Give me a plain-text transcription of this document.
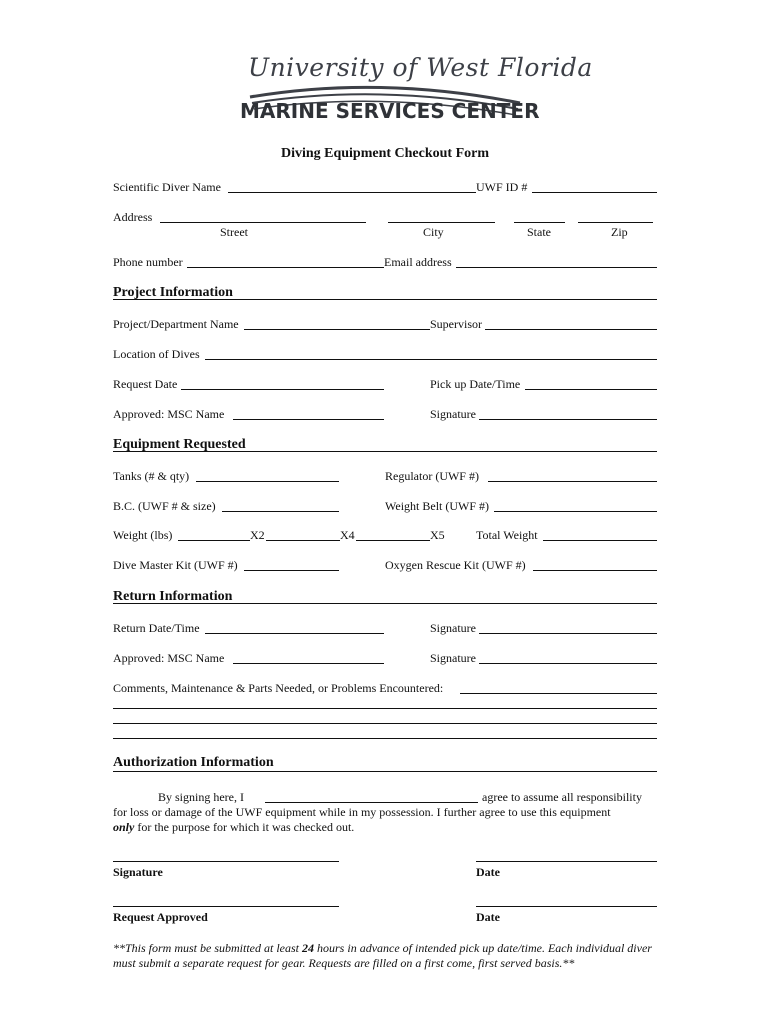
University of West Florida
MARINE SERVICES CENTER
Diving Equipment Checkout Form
Scientific Diver Name	UWF ID #
Address
Street	City	State	Zip
Phone number	Email address
Project Information
Project/Department Name	Supervisor
Location of Dives
Request Date	Pick up Date/Time
Approved: MSC Name	Signature
Equipment Requested
Tanks (# & qty)	Regulator (UWF #)
B.C. (UWF # & size)	Weight Belt (UWF #)
Weight (lbs)	X2	X4	X5	Total Weight
Dive Master Kit (UWF #)	Oxygen Rescue Kit (UWF #)
Return Information
Return Date/Time	Signature
Approved: MSC Name	Signature
Comments, Maintenance & Parts Needed, or Problems Encountered:
Authorization Information
By signing here, I	agree to assume all responsibility
for loss or damage of the UWF equipment while in my possession. I further agree to use this equipment
only for the purpose for which it was checked out.
Signature	Date
Request Approved	Date
**This form must be submitted at least 24 hours in advance of intended pick up date/time. Each individual diver must submit a separate request for gear. Requests are filled on a first come, first served basis.**
